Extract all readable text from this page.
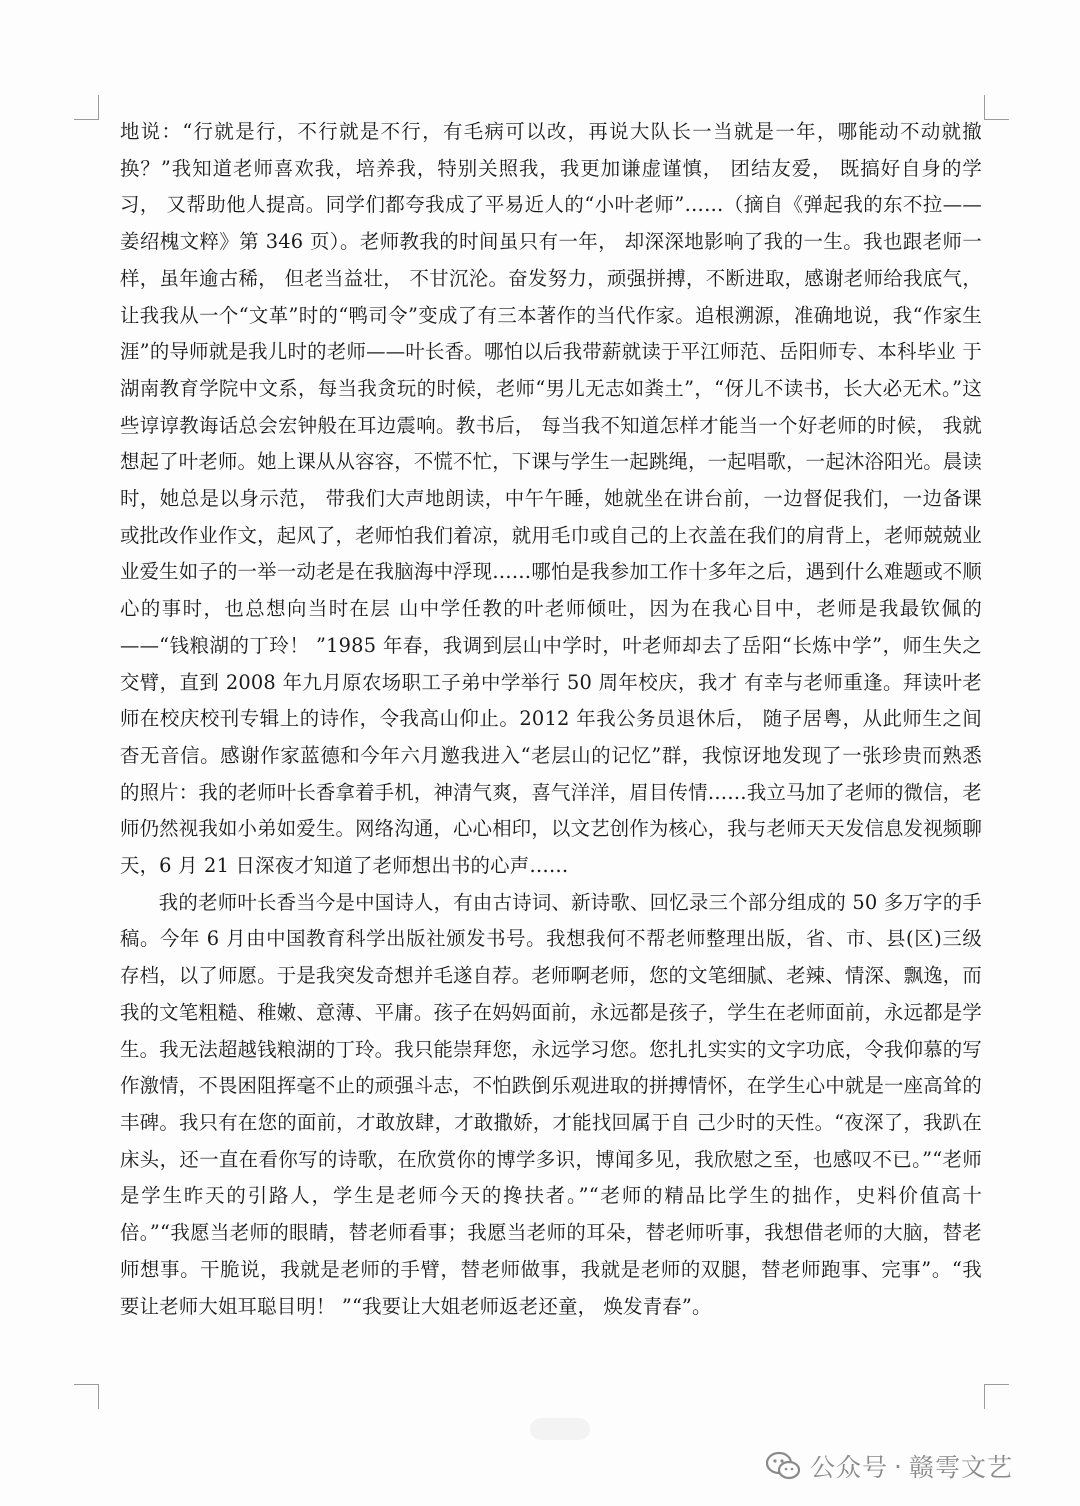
地说：“行就是行，不行就是不行，有毛病可以改，再说大队长一当就是一年，哪能动不动就撤换？”我知道老师喜欢我，培养我，特别关照我，我更加谦虚谨慎， 团结友爱， 既搞好自身的学习， 又帮助他人提高。同学们都夸我成了平易近人的“小叶老师”……（摘自《弹起我的东不拉——姜绍槐文粹》第 346 页）。老师教我的时间虽只有一年， 却深深地影响了我的一生。我也跟老师一样，虽年逾古稀， 但老当益壮， 不甘沉沦。奋发努力，顽强拼搏，不断进取，感谢老师给我底气，让我我从一个“文革”时的“鸭司令”变成了有三本著作的当代作家。追根溯源，准确地说，我“作家生涯”的导师就是我儿时的老师——叶长香。哪怕以后我带薪就读于平江师范、岳阳师专、本科毕业 于湖南教育学院中文系，每当我贪玩的时候，老师“男儿无志如粪土”，“伢儿不读书，长大必无术。”这些谆谆教诲话总会宏钟般在耳边震响。教书后， 每当我不知道怎样才能当一个好老师的时候， 我就想起了叶老师。她上课从从容容，不慌不忙，下课与学生一起跳绳，一起唱歌，一起沐浴阳光。晨读时，她总是以身示范， 带我们大声地朗读，中午午睡，她就坐在讲台前，一边督促我们，一边备课或批改作业作文，起风了，老师怕我们着凉，就用毛巾或自己的上衣盖在我们的肩背上，老师兢兢业业爱生如子的一举一动老是在我脑海中浮现……哪怕是我参加工作十多年之后，遇到什么难题或不顺心的事时，也总想向当时在层 山中学任教的叶老师倾吐，因为在我心目中，老师是我最钦佩的 ——“钱粮湖的丁玲！ ”1985 年春，我调到层山中学时，叶老师却去了岳阳“长炼中学”，师生失之交臂，直到 2008 年九月原农场职工子弟中学举行 50 周年校庆，我才 有幸与老师重逢。拜读叶老师在校庆校刊专辑上的诗作，令我高山仰止。2012 年我公务员退休后， 随子居粤，从此师生之间杳无音信。感谢作家蓝德和今年六月邀我进入“老层山的记忆”群，我惊讶地发现了一张珍贵而熟悉的照片：我的老师叶长香拿着手机，神清气爽，喜气洋洋，眉目传情……我立马加了老师的微信，老师仍然视我如小弟如爱生。网络沟通，心心相印，以文艺创作为核心，我与老师天天发信息发视频聊天，6 月 21 日深夜才知道了老师想出书的心声……

我的老师叶长香当今是中国诗人，有由古诗词、新诗歌、回忆录三个部分组成的 50 多万字的手稿。今年 6 月由中国教育科学出版社颁发书号。我想我何不帮老师整理出版，省、市、县(区)三级存档，以了师愿。于是我突发奇想并毛遂自荐。老师啊老师，您的文笔细腻、老辣、情深、飘逸，而我的文笔粗糙、稚嫩、意薄、平庸。孩子在妈妈面前，永远都是孩子，学生在老师面前，永远都是学生。我无法超越钱粮湖的丁玲。我只能崇拜您，永远学习您。您扎扎实实的文字功底，令我仰慕的写作激情，不畏困阻挥毫不止的顽强斗志，不怕跌倒乐观进取的拼搏情怀，在学生心中就是一座高耸的丰碑。我只有在您的面前，才敢放肆，才敢撒娇，才能找回属于自 己少时的天性。“夜深了，我趴在床头，还一直在看你写的诗歌，在欣赏你的博学多识，博闻多见，我欣慰之至，也感叹不已。”“老师是学生昨天的引路人，学生是老师今天的搀扶者。”“老师的精品比学生的拙作，史料价值高十倍。”“我愿当老师的眼睛，替老师看事；我愿当老师的耳朵，替老师听事，我想借老师的大脑，替老师想事。干脆说，我就是老师的手臂，替老师做事，我就是老师的双腿，替老师跑事、完事”。“我要让老师大姐耳聪目明！ ”“我要让大姐老师返老还童， 焕发青春”。

公众号 · 赣雩文艺
